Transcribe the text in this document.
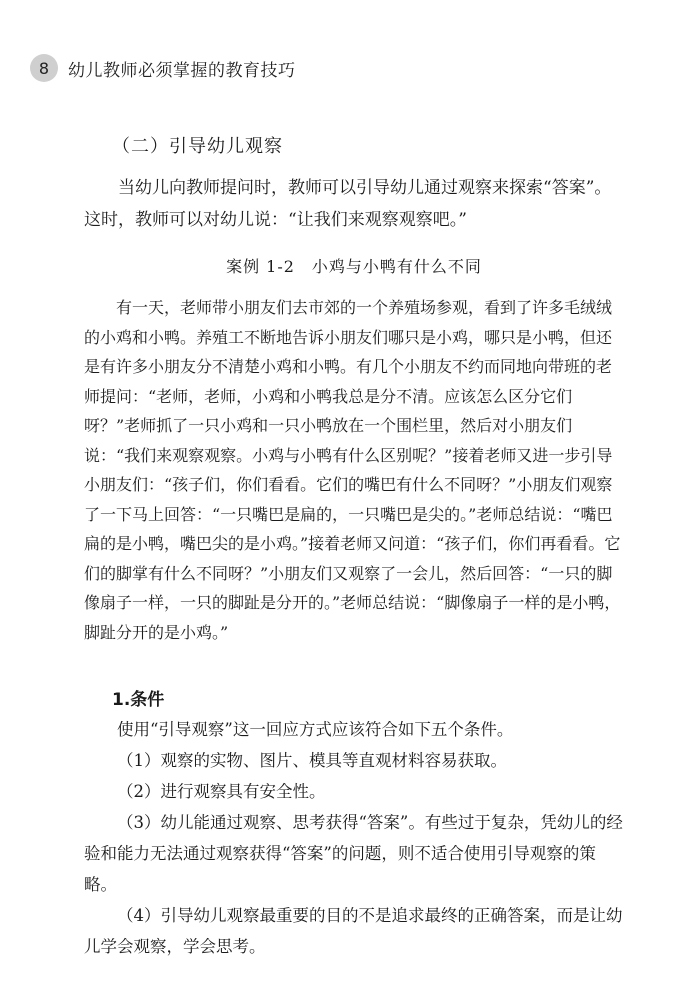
8	幼儿教师必须掌握的教育技巧
（二）引导幼儿观察

当幼儿向教师提问时，教师可以引导幼儿通过观察来探索“答案”。这时，教师可以对幼儿说：“让我们来观察观察吧。”

案例 1-2　小鸡与小鸭有什么不同

有一天，老师带小朋友们去市郊的一个养殖场参观，看到了许多毛绒绒的小鸡和小鸭。养殖工不断地告诉小朋友们哪只是小鸡，哪只是小鸭，但还是有许多小朋友分不清楚小鸡和小鸭。有几个小朋友不约而同地向带班的老师提问：“老师，老师，小鸡和小鸭我总是分不清。应该怎么区分它们呀？”老师抓了一只小鸡和一只小鸭放在一个围栏里，然后对小朋友们说：“我们来观察观察。小鸡与小鸭有什么区别呢？”接着老师又进一步引导小朋友们：“孩子们，你们看看。它们的嘴巴有什么不同呀？”小朋友们观察了一下马上回答：“一只嘴巴是扁的，一只嘴巴是尖的。”老师总结说：“嘴巴扁的是小鸭，嘴巴尖的是小鸡。”接着老师又问道：“孩子们，你们再看看。它们的脚掌有什么不同呀？”小朋友们又观察了一会儿，然后回答：“一只的脚像扇子一样，一只的脚趾是分开的。”老师总结说：“脚像扇子一样的是小鸭，脚趾分开的是小鸡。”

1.条件

使用“引导观察”这一回应方式应该符合如下五个条件。

（1）观察的实物、图片、模具等直观材料容易获取。

（2）进行观察具有安全性。

（3）幼儿能通过观察、思考获得“答案”。有些过于复杂，凭幼儿的经验和能力无法通过观察获得“答案”的问题，则不适合使用引导观察的策略。

（4）引导幼儿观察最重要的目的不是追求最终的正确答案，而是让幼儿学会观察，学会思考。
